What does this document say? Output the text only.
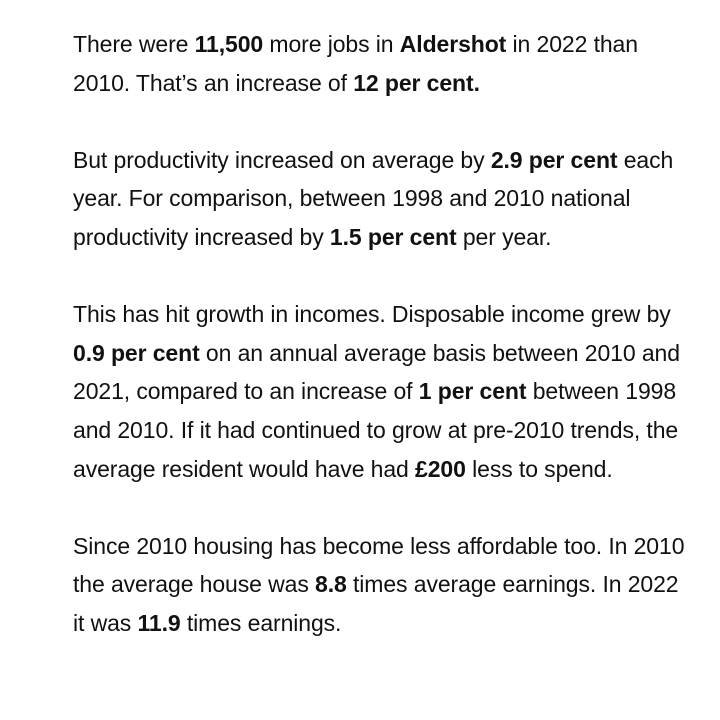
There were 11,500 more jobs in Aldershot in 2022 than 2010. That’s an increase of 12 per cent.

But productivity increased on average by 2.9 per cent each year. For comparison, between 1998 and 2010 national productivity increased by 1.5 per cent per year.

This has hit growth in incomes. Disposable income grew by 0.9 per cent on an annual average basis between 2010 and 2021, compared to an increase of 1 per cent between 1998 and 2010. If it had continued to grow at pre-2010 trends, the average resident would have had £200 less to spend.

Since 2010 housing has become less affordable too. In 2010 the average house was 8.8 times average earnings. In 2022 it was 11.9 times earnings.
